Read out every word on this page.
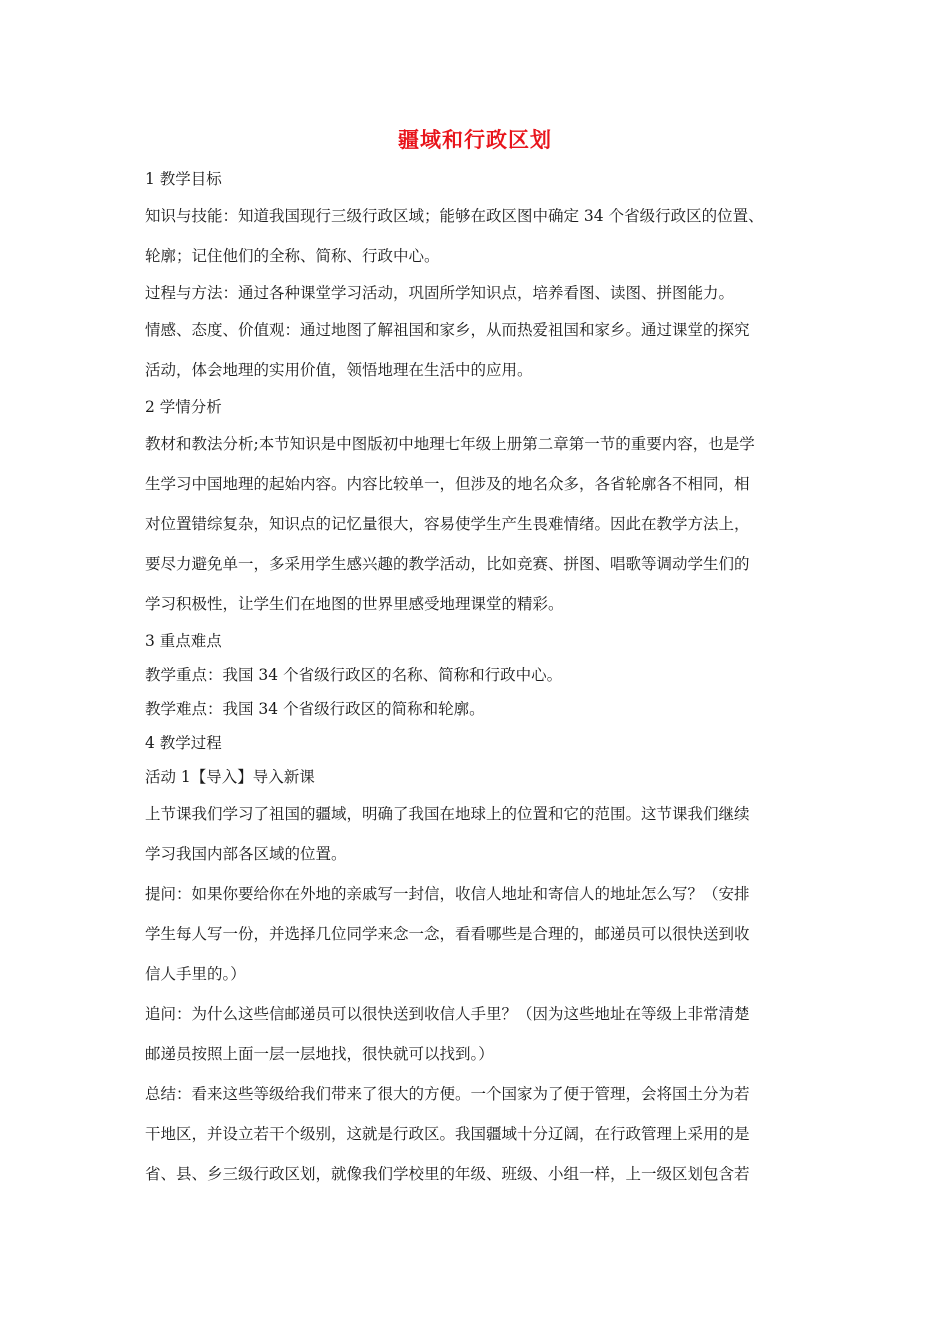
疆域和行政区划

1 教学目标

知识与技能：知道我国现行三级行政区域；能够在政区图中确定 34 个省级行政区的位置、

轮廓；记住他们的全称、简称、行政中心。

过程与方法：通过各种课堂学习活动，巩固所学知识点，培养看图、读图、拼图能力。

情感、态度、价值观：通过地图了解祖国和家乡，从而热爱祖国和家乡。通过课堂的探究

活动，体会地理的实用价值，领悟地理在生活中的应用。

2 学情分析

教材和教法分析;本节知识是中图版初中地理七年级上册第二章第一节的重要内容，也是学

生学习中国地理的起始内容。内容比较单一，但涉及的地名众多，各省轮廓各不相同，相

对位置错综复杂，知识点的记忆量很大，容易使学生产生畏难情绪。因此在教学方法上，

要尽力避免单一，多采用学生感兴趣的教学活动，比如竞赛、拼图、唱歌等调动学生们的

学习积极性，让学生们在地图的世界里感受地理课堂的精彩。

3 重点难点

教学重点：我国 34 个省级行政区的名称、简称和行政中心。

教学难点：我国 34 个省级行政区的简称和轮廓。

4 教学过程

活动 1【导入】导入新课

上节课我们学习了祖国的疆域，明确了我国在地球上的位置和它的范围。这节课我们继续

学习我国内部各区域的位置。

提问：如果你要给你在外地的亲戚写一封信，收信人地址和寄信人的地址怎么写？（安排

学生每人写一份，并选择几位同学来念一念，看看哪些是合理的，邮递员可以很快送到收

信人手里的。）

追问：为什么这些信邮递员可以很快送到收信人手里？（因为这些地址在等级上非常清楚

邮递员按照上面一层一层地找，很快就可以找到。）

总结：看来这些等级给我们带来了很大的方便。一个国家为了便于管理，会将国土分为若

干地区，并设立若干个级别，这就是行政区。我国疆域十分辽阔，在行政管理上采用的是

省、县、乡三级行政区划，就像我们学校里的年级、班级、小组一样，上一级区划包含若
